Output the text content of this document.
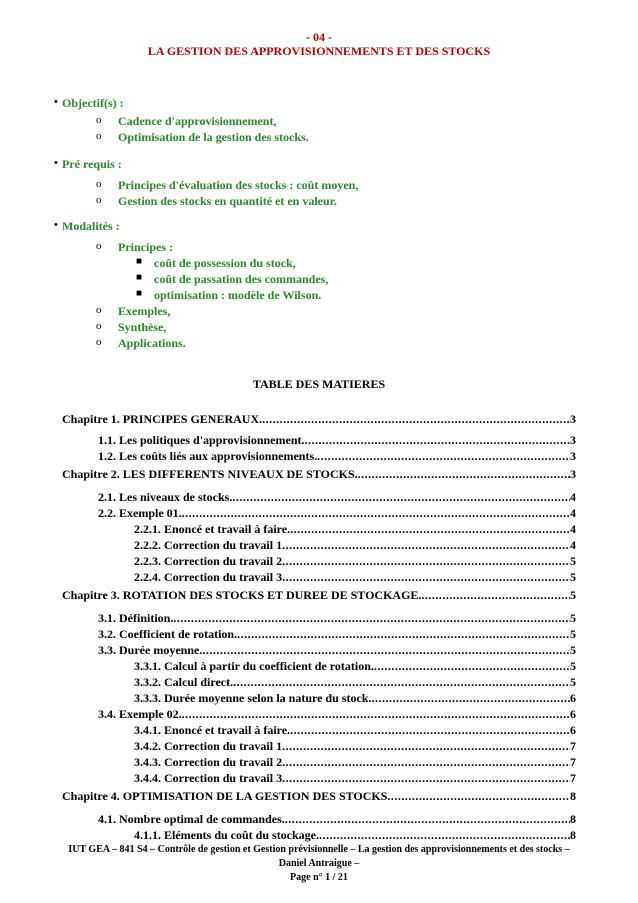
- 04 -
LA GESTION DES APPROVISIONNEMENTS ET DES STOCKS
• Objectif(s) :
o Cadence d'approvisionnement,
o Optimisation de la gestion des stocks.
• Pré requis :
o Principes d'évaluation des stocks : coût moyen,
o Gestion des stocks en quantité et en valeur.
• Modalités :
o Principes :
■ coût de possession du stock,
■ coût de passation des commandes,
■ optimisation : modèle de Wilson.
o Exemples,
o Synthèse,
o Applications.
TABLE DES MATIERES
Chapitre 1. PRINCIPES GENERAUX. .....	3
1.1. Les politiques d'approvisionnement. .....	3
1.2. Les coûts liés aux approvisionnements. .....	3
Chapitre 2. LES DIFFERENTS NIVEAUX DE STOCKS. .....	3
2.1. Les niveaux de stocks. .....	4
2.2. Exemple 01. .....	4
2.2.1. Enoncé et travail à faire. .....	4
2.2.2. Correction du travail 1 .....	4
2.2.3. Correction du travail 2 .....	5
2.2.4. Correction du travail 3 .....	5
Chapitre 3. ROTATION DES STOCKS ET DUREE DE STOCKAGE. .....	5
3.1. Définition. .....	5
3.2. Coefficient de rotation. .....	5
3.3. Durée moyenne. .....	5
3.3.1. Calcul à partir du coefficient de rotation. .....	5
3.3.2. Calcul direct. .....	5
3.3.3. Durée moyenne selon la nature du stock. .....	6
3.4. Exemple 02. .....	6
3.4.1. Enoncé et travail à faire. .....	6
3.4.2. Correction du travail 1 .....	7
3.4.3. Correction du travail 2 .....	7
3.4.4. Correction du travail 3 .....	7
Chapitre 4. OPTIMISATION DE LA GESTION DES STOCKS .....	8
4.1. Nombre optimal de commandes. .....	8
4.1.1. Eléments du coût du stockage. .....	8
IUT GEA – 841 S4 – Contrôle de gestion et Gestion prévisionnelle – La gestion des approvisionnements et des stocks – Daniel Antraigue –
Page n° 1 / 21
